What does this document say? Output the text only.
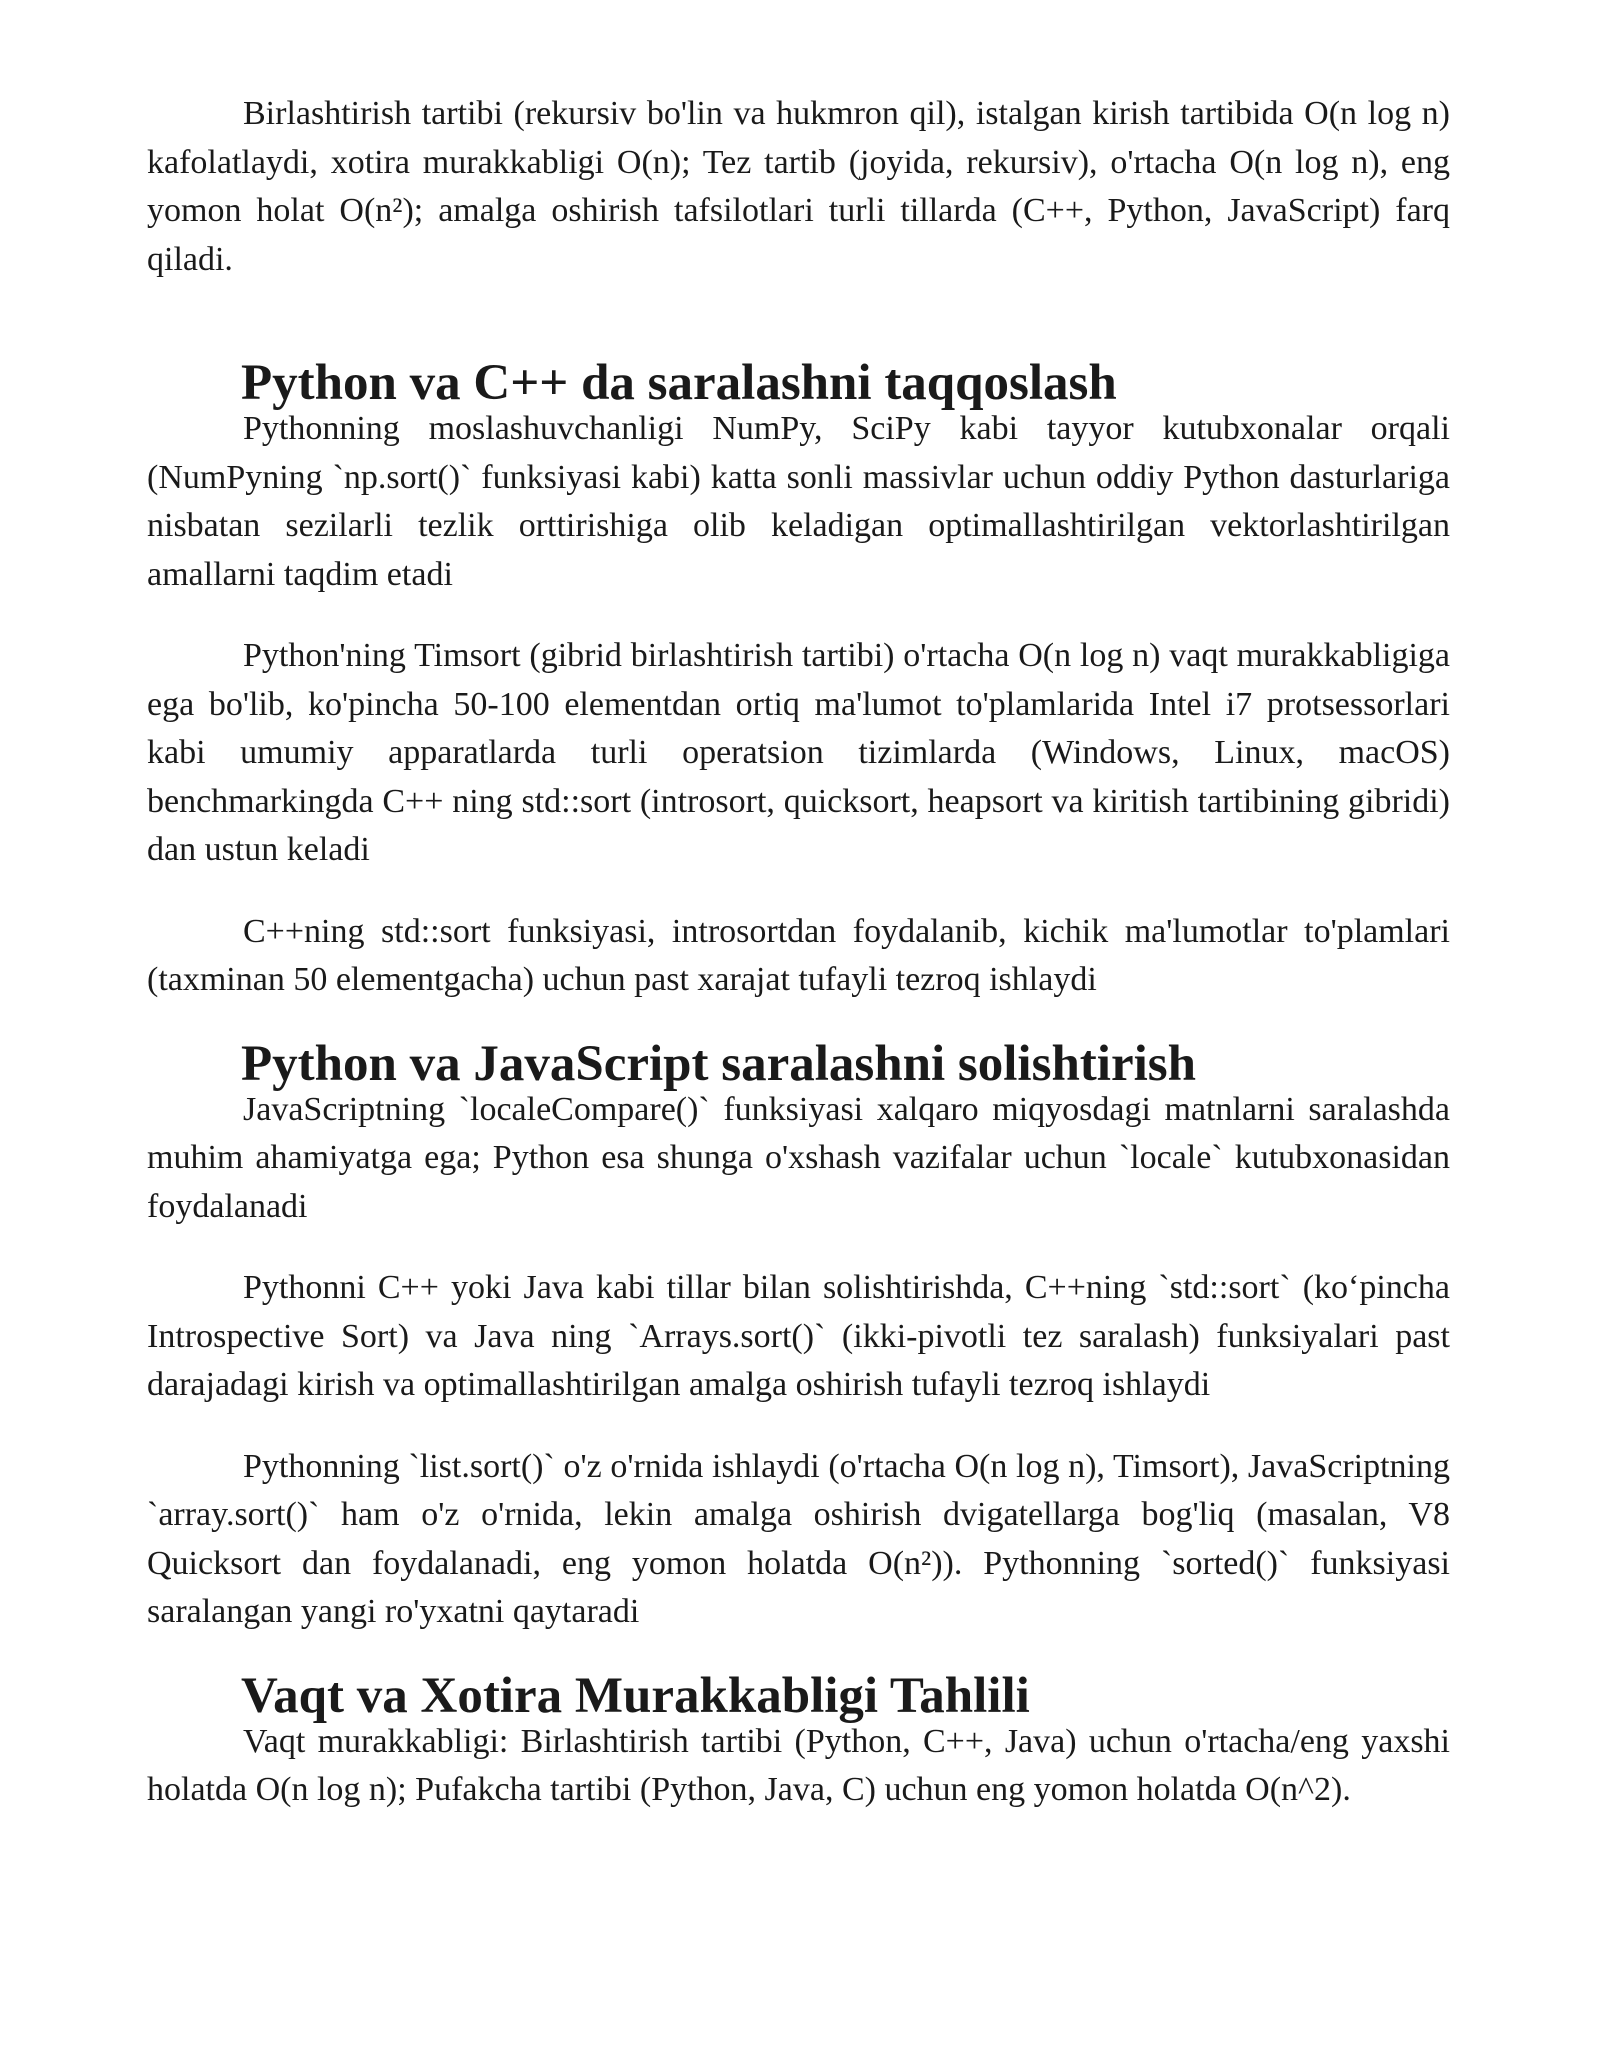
Birlashtirish tartibi (rekursiv bo'lin va hukmron qil), istalgan kirish tartibida O(n log n) kafolatlaydi, xotira murakkabligi O(n); Tez tartib (joyida, rekursiv), o'rtacha O(n log n), eng yomon holat O(n²); amalga oshirish tafsilotlari turli tillarda (C++, Python, JavaScript) farq qiladi.

Python va C++ da saralashni taqqoslash

Pythonning moslashuvchanligi NumPy, SciPy kabi tayyor kutubxonalar orqali (NumPyning `np.sort()` funksiyasi kabi) katta sonli massivlar uchun oddiy Python dasturlariga nisbatan sezilarli tezlik orttirishiga olib keladigan optimallashtirilgan vektorlashtirilgan amallarni taqdim etadi

Python'ning Timsort (gibrid birlashtirish tartibi) o'rtacha O(n log n) vaqt murakkabligiga ega bo'lib, ko'pincha 50-100 elementdan ortiq ma'lumot to'plamlarida Intel i7 protsessorlari kabi umumiy apparatlarda turli operatsion tizimlarda (Windows, Linux, macOS) benchmarkingda C++ ning std::sort (introsort, quicksort, heapsort va kiritish tartibining gibridi) dan ustun keladi

C++ning std::sort funksiyasi, introsortdan foydalanib, kichik ma'lumotlar to'plamlari (taxminan 50 elementgacha) uchun past xarajat tufayli tezroq ishlaydi

Python va JavaScript saralashni solishtirish

JavaScriptning `localeCompare()` funksiyasi xalqaro miqyosdagi matnlarni saralashda muhim ahamiyatga ega; Python esa shunga o'xshash vazifalar uchun `locale` kutubxonasidan foydalanadi

Pythonni C++ yoki Java kabi tillar bilan solishtirishda, C++ning `std::sort` (ko‘pincha Introspective Sort) va Java ning `Arrays.sort()` (ikki-pivotli tez saralash) funksiyalari past darajadagi kirish va optimallashtirilgan amalga oshirish tufayli tezroq ishlaydi

Pythonning `list.sort()` o'z o'rnida ishlaydi (o'rtacha O(n log n), Timsort), JavaScriptning `array.sort()` ham o'z o'rnida, lekin amalga oshirish dvigatellarga bog'liq (masalan, V8 Quicksort dan foydalanadi, eng yomon holatda O(n²)). Pythonning `sorted()` funksiyasi saralangan yangi ro'yxatni qaytaradi

Vaqt va Xotira Murakkabligi Tahlili

Vaqt murakkabligi: Birlashtirish tartibi (Python, C++, Java) uchun o'rtacha/eng yaxshi holatda O(n log n); Pufakcha tartibi (Python, Java, C) uchun eng yomon holatda O(n^2).
